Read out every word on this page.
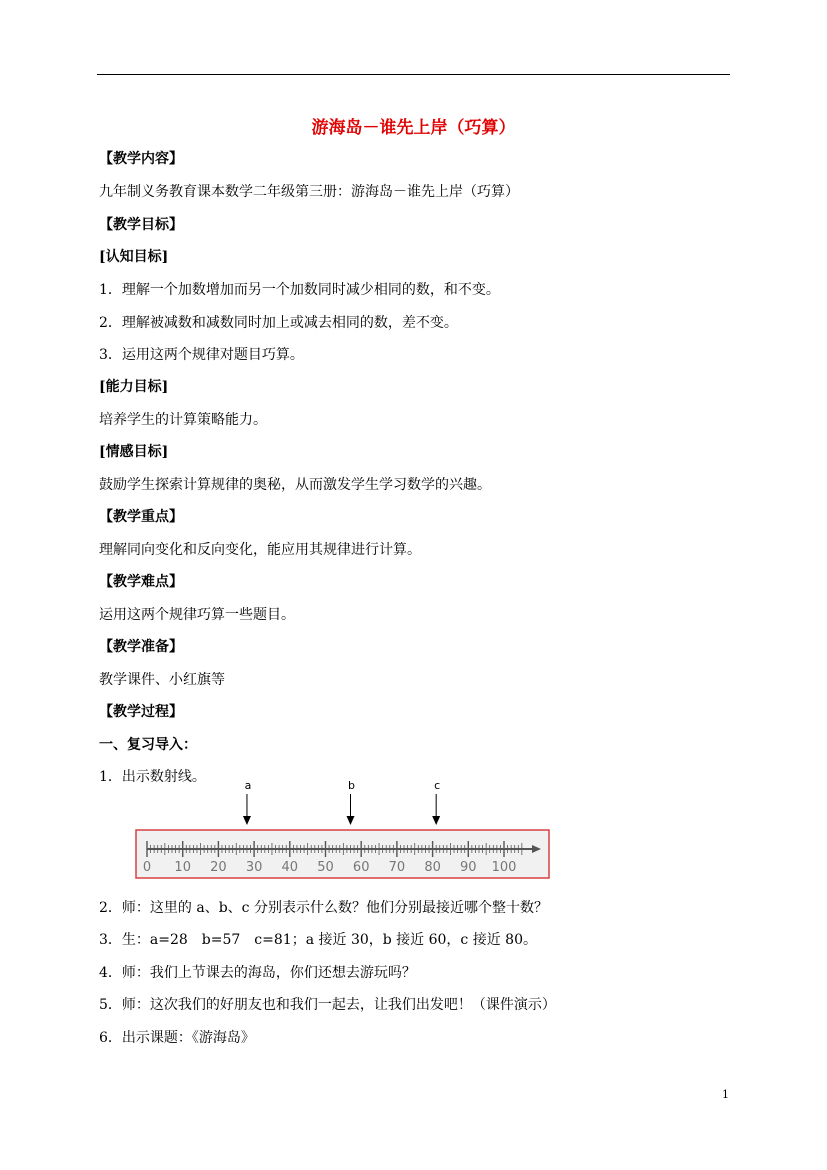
游海岛－谁先上岸（巧算）
【教学内容】
九年制义务教育课本数学二年级第三册：游海岛－谁先上岸（巧算）
【教学目标】
[认知目标]
1．理解一个加数增加而另一个加数同时减少相同的数，和不变。
2．理解被减数和减数同时加上或减去相同的数，差不变。
3．运用这两个规律对题目巧算。
[能力目标]
培养学生的计算策略能力。
[情感目标]
鼓励学生探索计算规律的奥秘，从而激发学生学习数学的兴趣。
【教学重点】
理解同向变化和反向变化，能应用其规律进行计算。
【教学难点】
运用这两个规律巧算一些题目。
【教学准备】
教学课件、小红旗等
【教学过程】
一、复习导入：
1．出示数射线。
0 10 20 30 40 50 60 70 80 90 100
a	b	c
2．师：这里的 a、b、c 分别表示什么数？他们分别最接近哪个整十数？
3．生：a=28　b=57　c=81；a 接近 30，b 接近 60，c 接近 80。
4．师：我们上节课去的海岛，你们还想去游玩吗？
5．师：这次我们的好朋友也和我们一起去，让我们出发吧！（课件演示）
6．出示课题：《游海岛》
1
